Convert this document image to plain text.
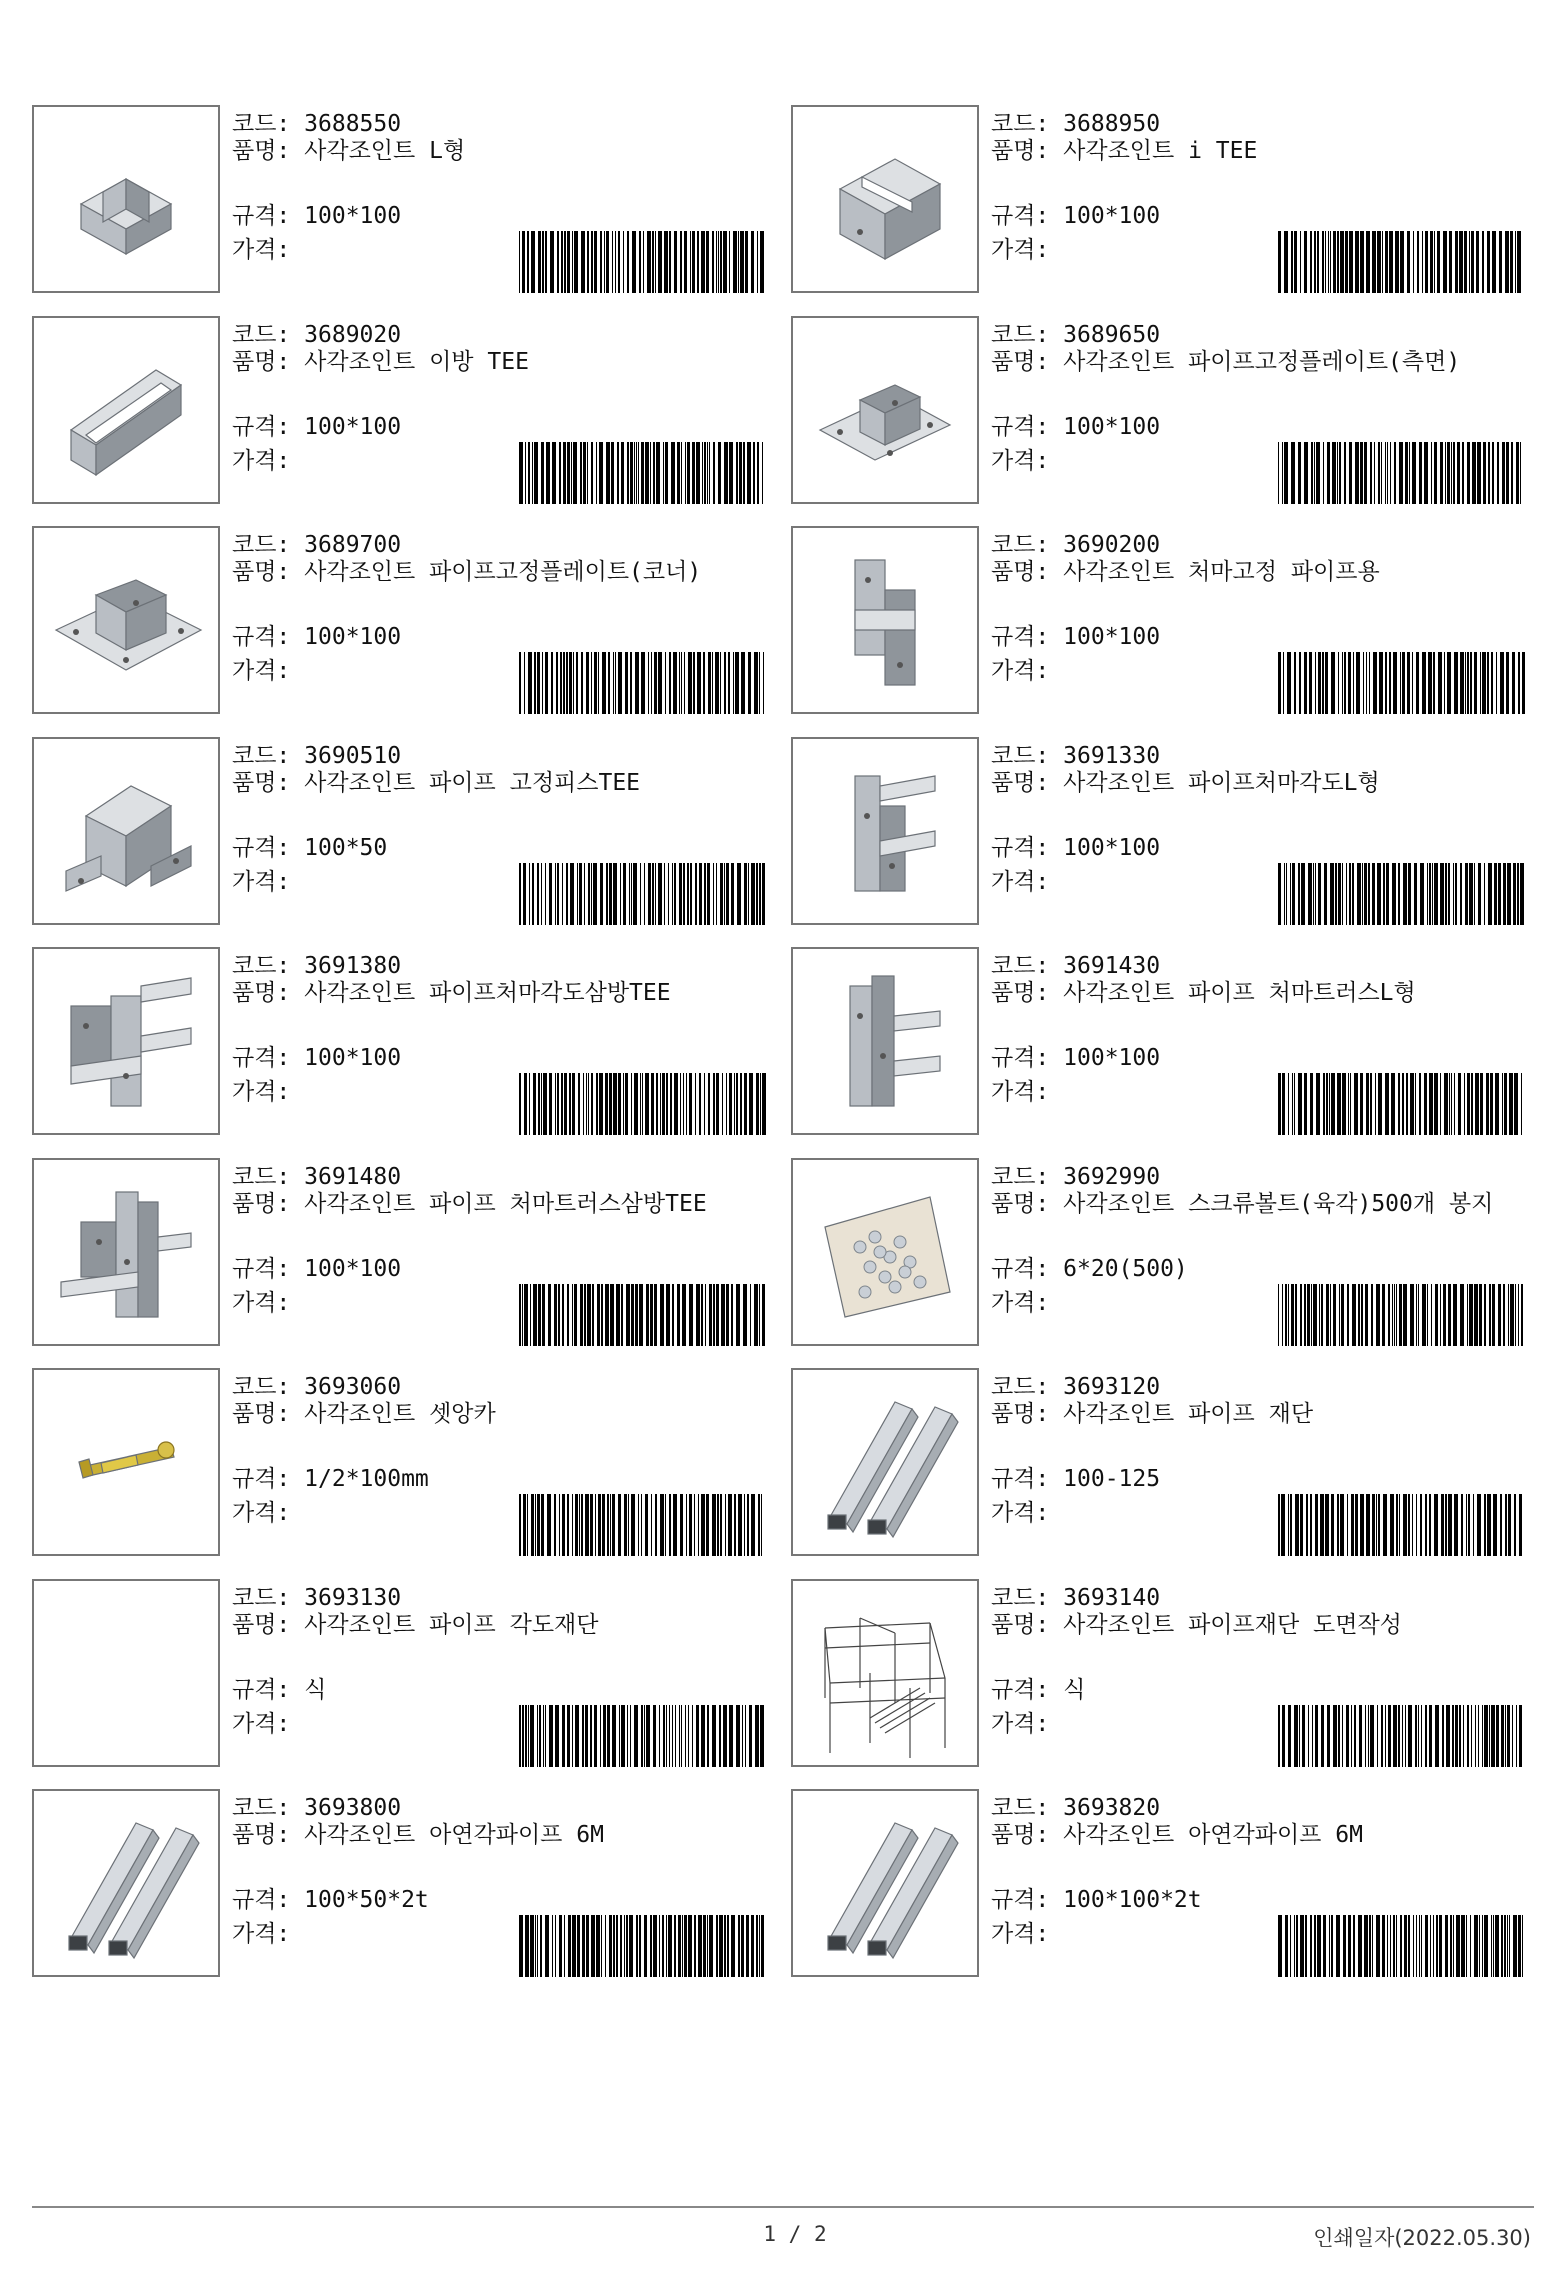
코드: 3688550
품명: 사각조인트 L형
규격: 100*100
가격:
코드: 3688950
품명: 사각조인트 i TEE
규격: 100*100
가격:
코드: 3689020
품명: 사각조인트 이방 TEE
규격: 100*100
가격:
코드: 3689650
품명: 사각조인트 파이프고정플레이트(측면)
규격: 100*100
가격:
코드: 3689700
품명: 사각조인트 파이프고정플레이트(코너)
규격: 100*100
가격:
코드: 3690200
품명: 사각조인트 처마고정 파이프용
규격: 100*100
가격:
코드: 3690510
품명: 사각조인트 파이프 고정피스TEE
규격: 100*50
가격:
코드: 3691330
품명: 사각조인트 파이프처마각도L형
규격: 100*100
가격:
코드: 3691380
품명: 사각조인트 파이프처마각도삼방TEE
규격: 100*100
가격:
코드: 3691430
품명: 사각조인트 파이프 처마트러스L형
규격: 100*100
가격:
코드: 3691480
품명: 사각조인트 파이프 처마트러스삼방TEE
규격: 100*100
가격:
코드: 3692990
품명: 사각조인트 스크류볼트(육각)500개 봉지
규격: 6*20(500)
가격:
코드: 3693060
품명: 사각조인트 셋앙카
규격: 1/2*100mm
가격:
코드: 3693120
품명: 사각조인트 파이프 재단
규격: 100-125
가격:
코드: 3693130
품명: 사각조인트 파이프 각도재단
규격: 식
가격:
코드: 3693140
품명: 사각조인트 파이프재단 도면작성
규격: 식
가격:
코드: 3693800
품명: 사각조인트 아연각파이프 6M
규격: 100*50*2t
가격:
코드: 3693820
품명: 사각조인트 아연각파이프 6M
규격: 100*100*2t
가격:
1 / 2	인쇄일자(2022.05.30)
